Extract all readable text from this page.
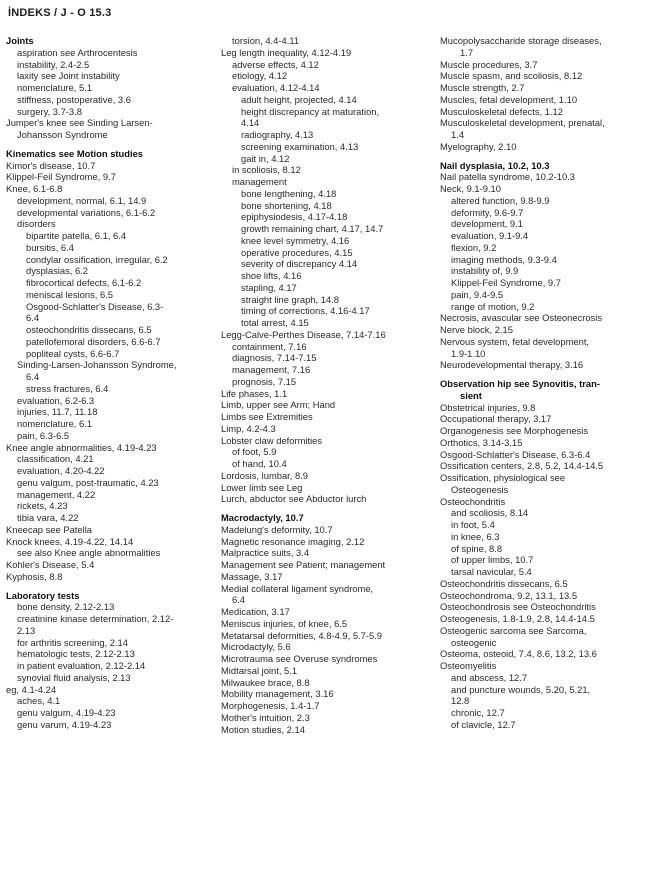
İNDEKS / J - O 15.3
Joints
aspiration see Arthrocentesis
instability, 2.4-2.5
laxity see Joint instability
nomenclature, 5.1
stiffness, postoperative, 3.6
surgery, 3.7-3.8
Jumper's knee see Sinding Larsen-
Johansson Syndrome
Kinematics see Motion studies
Kimor's disease, 10.7
Klippel-Feil Syndrome, 9.7
Knee, 6.1-6.8
development, normal, 6.1, 14.9
developmental variations, 6.1-6.2
disorders
bipartite patella, 6.1, 6.4
bursitis, 6.4
condylar ossification, irregular, 6.2
dysplasias, 6.2
fibrocortical defects, 6.1-6.2
meniscal lesions, 6.5
Osgood-Schlatter's Disease, 6.3-
6.4
osteochondritis dissecans, 6.5
patellofemoral disorders, 6.6-6.7
popliteal cysts, 6.6-6.7
Sinding-Larsen-Johansson Syndrome,
6.4
stress fractures, 6.4
evaluation, 6.2-6.3
injuries, 11.7, 11.18
nomenclature, 6.1
pain, 6.3-6.5
Knee angle abnormalities, 4.19-4.23
classification, 4.21
evaluation, 4.20-4.22
genu valgum, post-traumatic, 4.23
management, 4.22
rickets, 4.23
tibia vara, 4.22
Kneecap see Patella
Knock knees, 4.19-4.22, 14.14
see also Knee angle abnormalities
Kohler's Disease, 5.4
Kyphosis, 8.8
Laboratory tests
bone density, 2.12-2.13
creatinine kinase determination, 2.12-
2.13
for arthritis screening, 2.14
hematologic tests, 2.12-2.13
in patient evaluation, 2.12-2.14
synovial fluid analysis, 2.13
eg, 4.1-4.24
aches, 4.1
genu valgum, 4.19-4.23
genu varum, 4.19-4.23
torsion, 4.4-4.11
Leg length inequality, 4.12-4.19
adverse effects, 4.12
etiology, 4.12
evaluation, 4.12-4.14
adult height, projected, 4.14
height discrepancy at maturation,
4.14
radiography, 4.13
screening examination, 4.13
gait in, 4.12
in scoliosis, 8.12
management
bone lengthening, 4.18
bone shortening, 4.18
epiphysiodesis, 4.17-4.18
growth remaining chart, 4.17, 14.7
knee level symmetry, 4.16
operative procedures, 4.15
severity of discrepancy 4.14
shoe lifts, 4.16
stapling, 4.17
straight line graph, 14.8
timing of corrections, 4.16-4.17
total arrest, 4.15
Legg-Calve-Perthes Disease, 7.14-7.16
containment, 7.16
diagnosis, 7.14-7.15
management, 7.16
prognosis, 7.15
Life phases, 1.1
Limb, upper see Arm; Hand
Limbs see Extremities
Limp, 4.2-4.3
Lobster claw deformities
of foot, 5.9
of hand, 10.4
Lordosis, lumbar, 8.9
Lower limb see Leg
Lurch, abductor see Abductor lurch
Macrodactyly, 10.7
Madelung's deformity, 10.7
Magnetic resonance imaging, 2.12
Malpractice suits, 3.4
Management see Patient; management
Massage, 3.17
Medial collateral ligament syndrome,
6.4
Medication, 3.17
Meniscus injuries, of knee, 6.5
Metatarsal deformities, 4.8-4.9, 5.7-5.9
Microdactyly, 5.6
Microtrauma see Overuse syndromes
Midtarsal joint, 5.1
Milwaukee brace, 8.8
Mobility management, 3.16
Morphogenesis, 1.4-1.7
Mother's intuition, 2.3
Motion studies, 2.14
Mucopolysaccharide storage diseases,
1.7
Muscle procedures, 3.7
Muscle spasm, and scoliosis, 8.12
Muscle strength, 2.7
Muscles, fetal development, 1.10
Musculoskeletal defects, 1.12
Musculoskeletal development, prenatal,
1.4
Myelography, 2.10
Nail dysplasia, 10.2, 10.3
Nail patella syndrome, 10.2-10.3
Neck, 9.1-9.10
altered function, 9.8-9.9
deformity, 9.6-9.7
development, 9.1
evaluation, 9.1-9.4
flexion, 9.2
imaging methods, 9.3-9.4
instability of, 9.9
Klippel-Feil Syndrome, 9.7
pain, 9.4-9.5
range of motion, 9.2
Necrosis, avascular see Osteonecrosis
Nerve block, 2.15
Nervous system, fetal development,
1.9-1.10
Neurodevelopmental therapy, 3.16
Observation hip see Synovitis, tran-
sient
Obstetrical injuries, 9.8
Occupational therapy, 3.17
Organogenesis see Morphogenesis
Orthotics, 3.14-3.15
Osgood-Schlatter's Disease, 6.3-6.4
Ossification centers, 2.8, 5.2, 14.4-14.5
Ossification, physiological see
Osteogenesis
Osteochondritis
and scoliosis, 8.14
in foot, 5.4
in knee, 6.3
of spine, 8.8
of upper limbs, 10.7
tarsal navicular, 5.4
Osteochondritis dissecans, 6.5
Osteochondroma, 9.2, 13.1, 13.5
Osteochondrosis see Osteochondritis
Osteogenesis, 1.8-1.9, 2.8, 14.4-14.5
Osteogenic sarcoma see Sarcoma,
osteogenic
Osteoma, osteoid, 7.4, 8.6, 13.2, 13.6
Osteomyelitis
and abscess, 12.7
and puncture wounds, 5.20, 5.21,
12.8
chronic, 12.7
of clavicle, 12.7
